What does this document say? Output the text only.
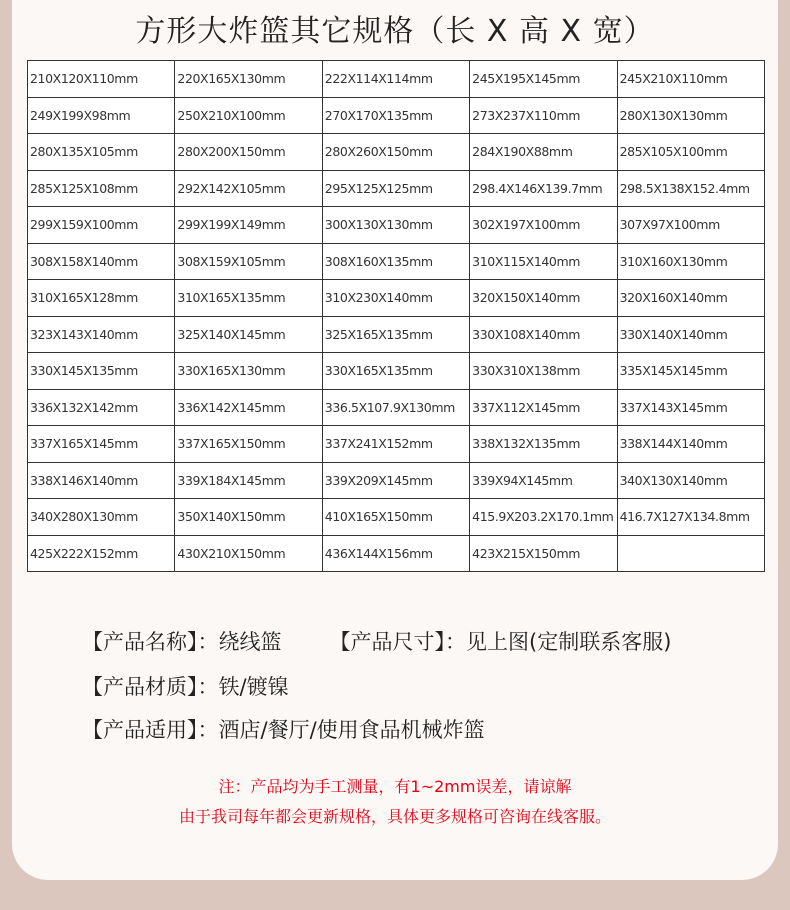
方形大炸篮其它规格（长 X 高 X 宽）
210X120X110mm	220X165X130mm	222X114X114mm	245X195X145mm	245X210X110mm
249X199X98mm	250X210X100mm	270X170X135mm	273X237X110mm	280X130X130mm
280X135X105mm	280X200X150mm	280X260X150mm	284X190X88mm	285X105X100mm
285X125X108mm	292X142X105mm	295X125X125mm	298.4X146X139.7mm	298.5X138X152.4mm
299X159X100mm	299X199X149mm	300X130X130mm	302X197X100mm	307X97X100mm
308X158X140mm	308X159X105mm	308X160X135mm	310X115X140mm	310X160X130mm
310X165X128mm	310X165X135mm	310X230X140mm	320X150X140mm	320X160X140mm
323X143X140mm	325X140X145mm	325X165X135mm	330X108X140mm	330X140X140mm
330X145X135mm	330X165X130mm	330X165X135mm	330X310X138mm	335X145X145mm
336X132X142mm	336X142X145mm	336.5X107.9X130mm	337X112X145mm	337X143X145mm
337X165X145mm	337X165X150mm	337X241X152mm	338X132X135mm	338X144X140mm
338X146X140mm	339X184X145mm	339X209X145mm	339X94X145mm	340X130X140mm
340X280X130mm	350X140X150mm	410X165X150mm	415.9X203.2X170.1mm	416.7X127X134.8mm
425X222X152mm	430X210X150mm	436X144X156mm	423X215X150mm	
【产品名称】：绕线篮 【产品尺寸】：见上图(定制联系客服)
【产品材质】：铁/镀镍
【产品适用】：酒店/餐厅/使用食品机械炸篮
注：产品均为手工测量，有1~2mm误差，请谅解
由于我司每年都会更新规格，具体更多规格可咨询在线客服。
